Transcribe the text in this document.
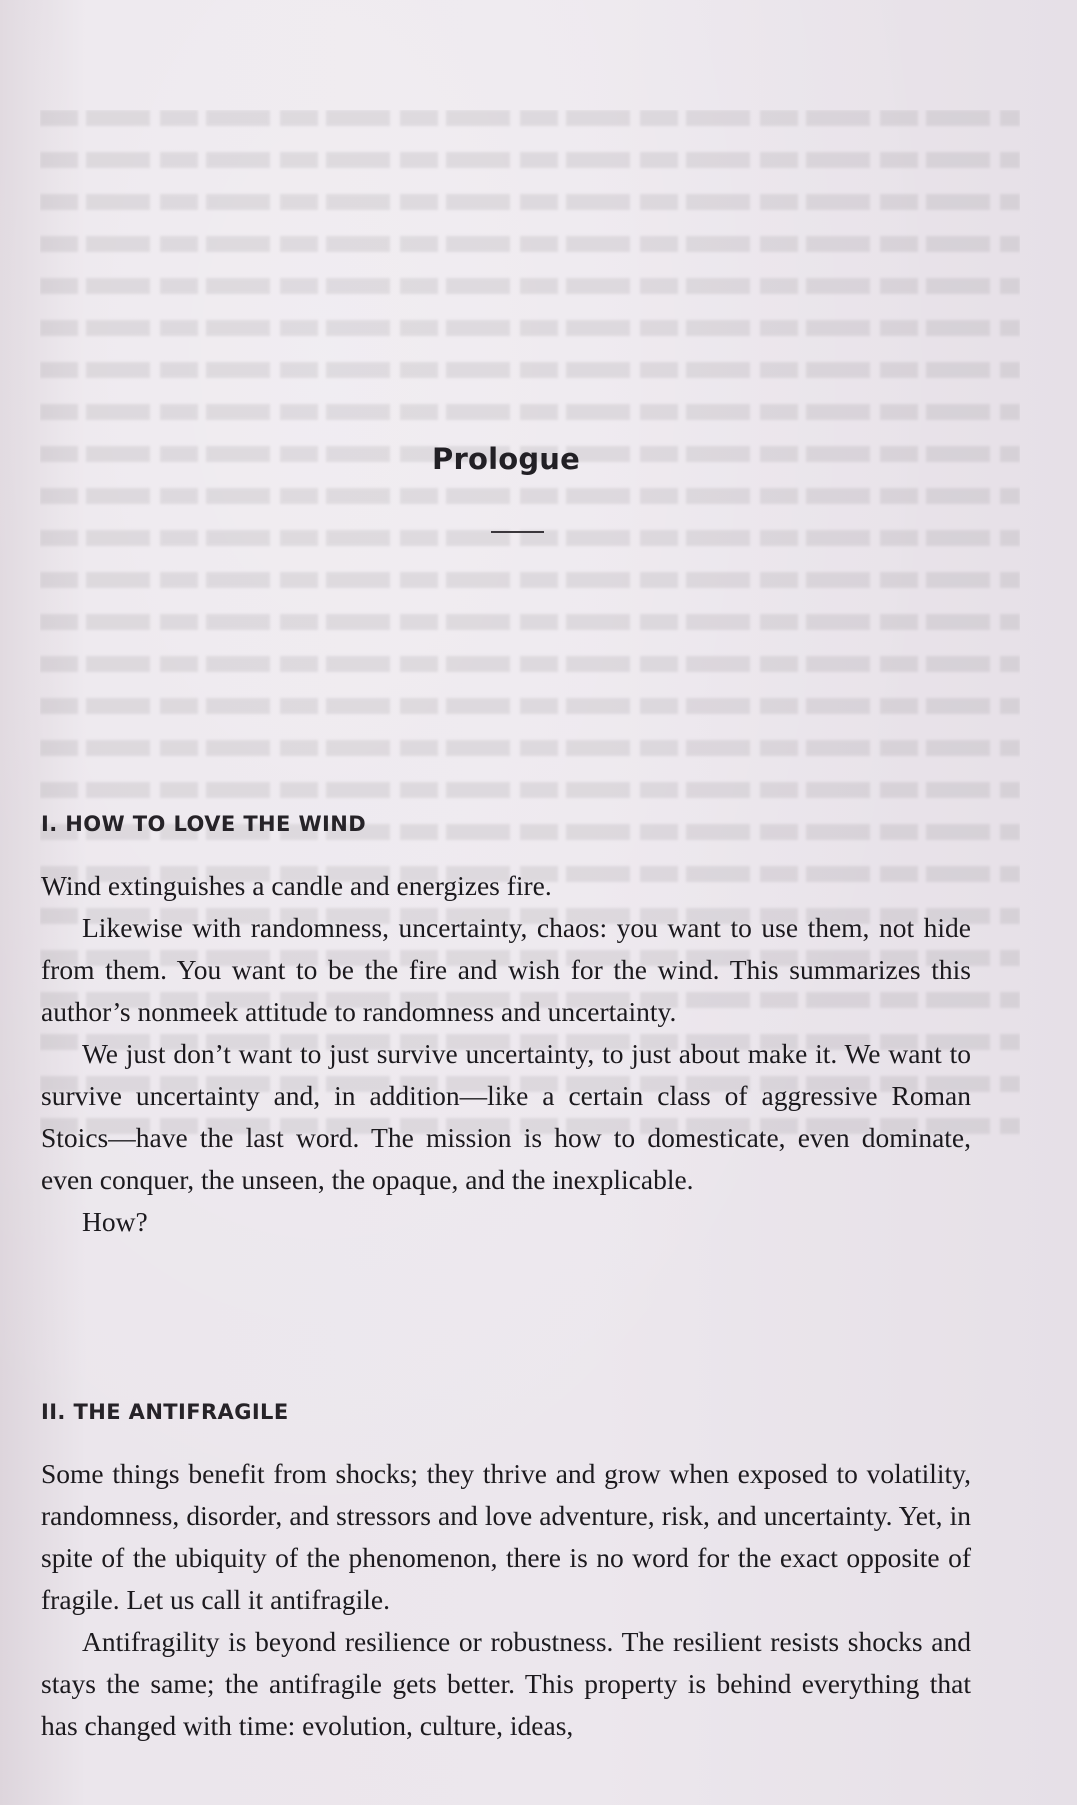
Prologue
I. HOW TO LOVE THE WIND

Wind extinguishes a candle and energizes fire.

Likewise with randomness, uncertainty, chaos: you want to use them, not hide from them. You want to be the fire and wish for the wind. This summarizes this author’s nonmeek attitude to randomness and uncertainty.

We just don’t want to just survive uncertainty, to just about make it. We want to survive uncertainty and, in addition—like a certain class of aggressive Roman Stoics—have the last word. The mission is how to domesticate, even dominate, even conquer, the unseen, the opaque, and the inexplicable.

How?

II. THE ANTIFRAGILE

Some things benefit from shocks; they thrive and grow when exposed to volatility, randomness, disorder, and stressors and love adventure, risk, and uncertainty. Yet, in spite of the ubiquity of the phenomenon, there is no word for the exact opposite of fragile. Let us call it antifragile.

Antifragility is beyond resilience or robustness. The resilient resists shocks and stays the same; the antifragile gets better. This property is behind everything that has changed with time: evolution, culture, ideas,
